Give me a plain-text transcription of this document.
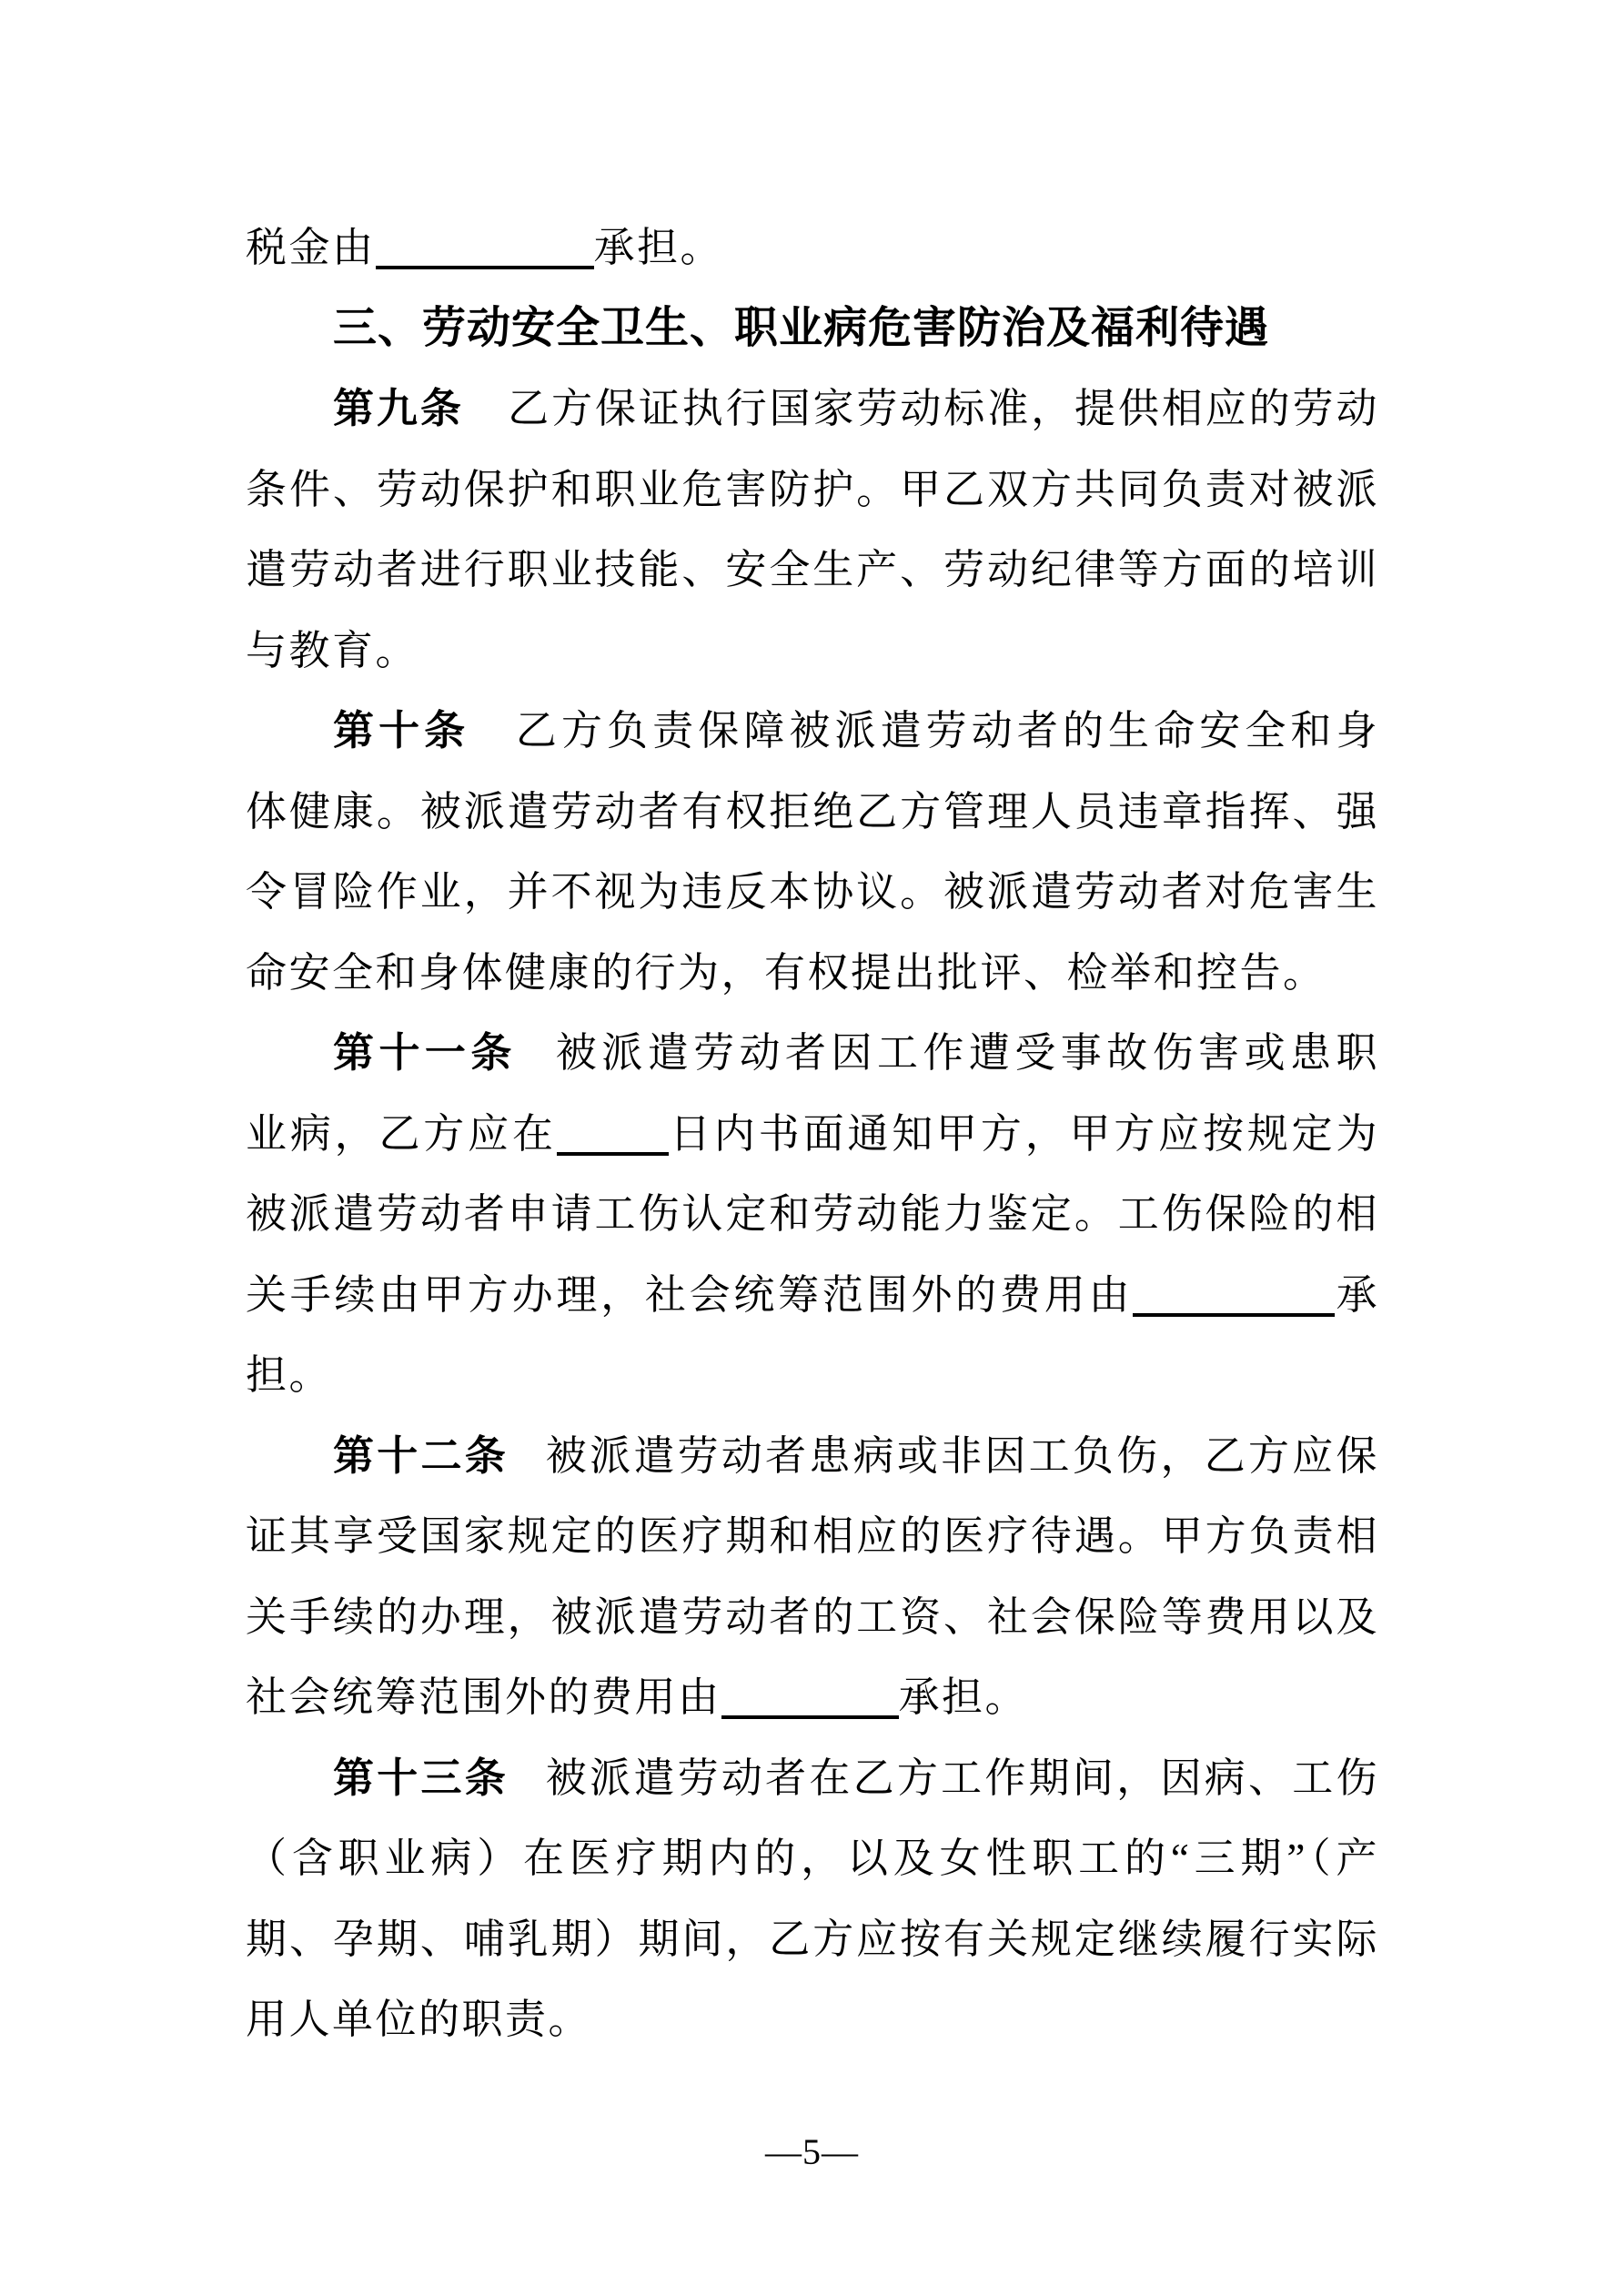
税金由	承担。
三、劳动安全卫生、职业病危害防治及福利待遇
第九条 乙方保证执行国家劳动标准，提供相应的劳动
条件、劳动保护和职业危害防护。甲乙双方共同负责对被派
遣劳动者进行职业技能、安全生产、劳动纪律等方面的培训
与教育。
第十条 乙方负责保障被派遣劳动者的生命安全和身
体健康。被派遣劳动者有权拒绝乙方管理人员违章指挥、强
令冒险作业，并不视为违反本协议。被派遣劳动者对危害生
命安全和身体健康的行为，有权提出批评、检举和控告。
第十一条 被派遣劳动者因工作遭受事故伤害或患职
业病，乙方应在	日内书面通知甲方，甲方应按规定为
被派遣劳动者申请工伤认定和劳动能力鉴定。工伤保险的相
关手续由甲方办理，社会统筹范围外的费用由	承
担。
第十二条 被派遣劳动者患病或非因工负伤，乙方应保
证其享受国家规定的医疗期和相应的医疗待遇。甲方负责相
关手续的办理，被派遣劳动者的工资、社会保险等费用以及
社会统筹范围外的费用由	承担。
第十三条 被派遣劳动者在乙方工作期间，因病、工伤
（含职业病）在医疗期内的，以及女性职工的“三期”（产
期、孕期、哺乳期）期间，乙方应按有关规定继续履行实际
用人单位的职责。
—5—
